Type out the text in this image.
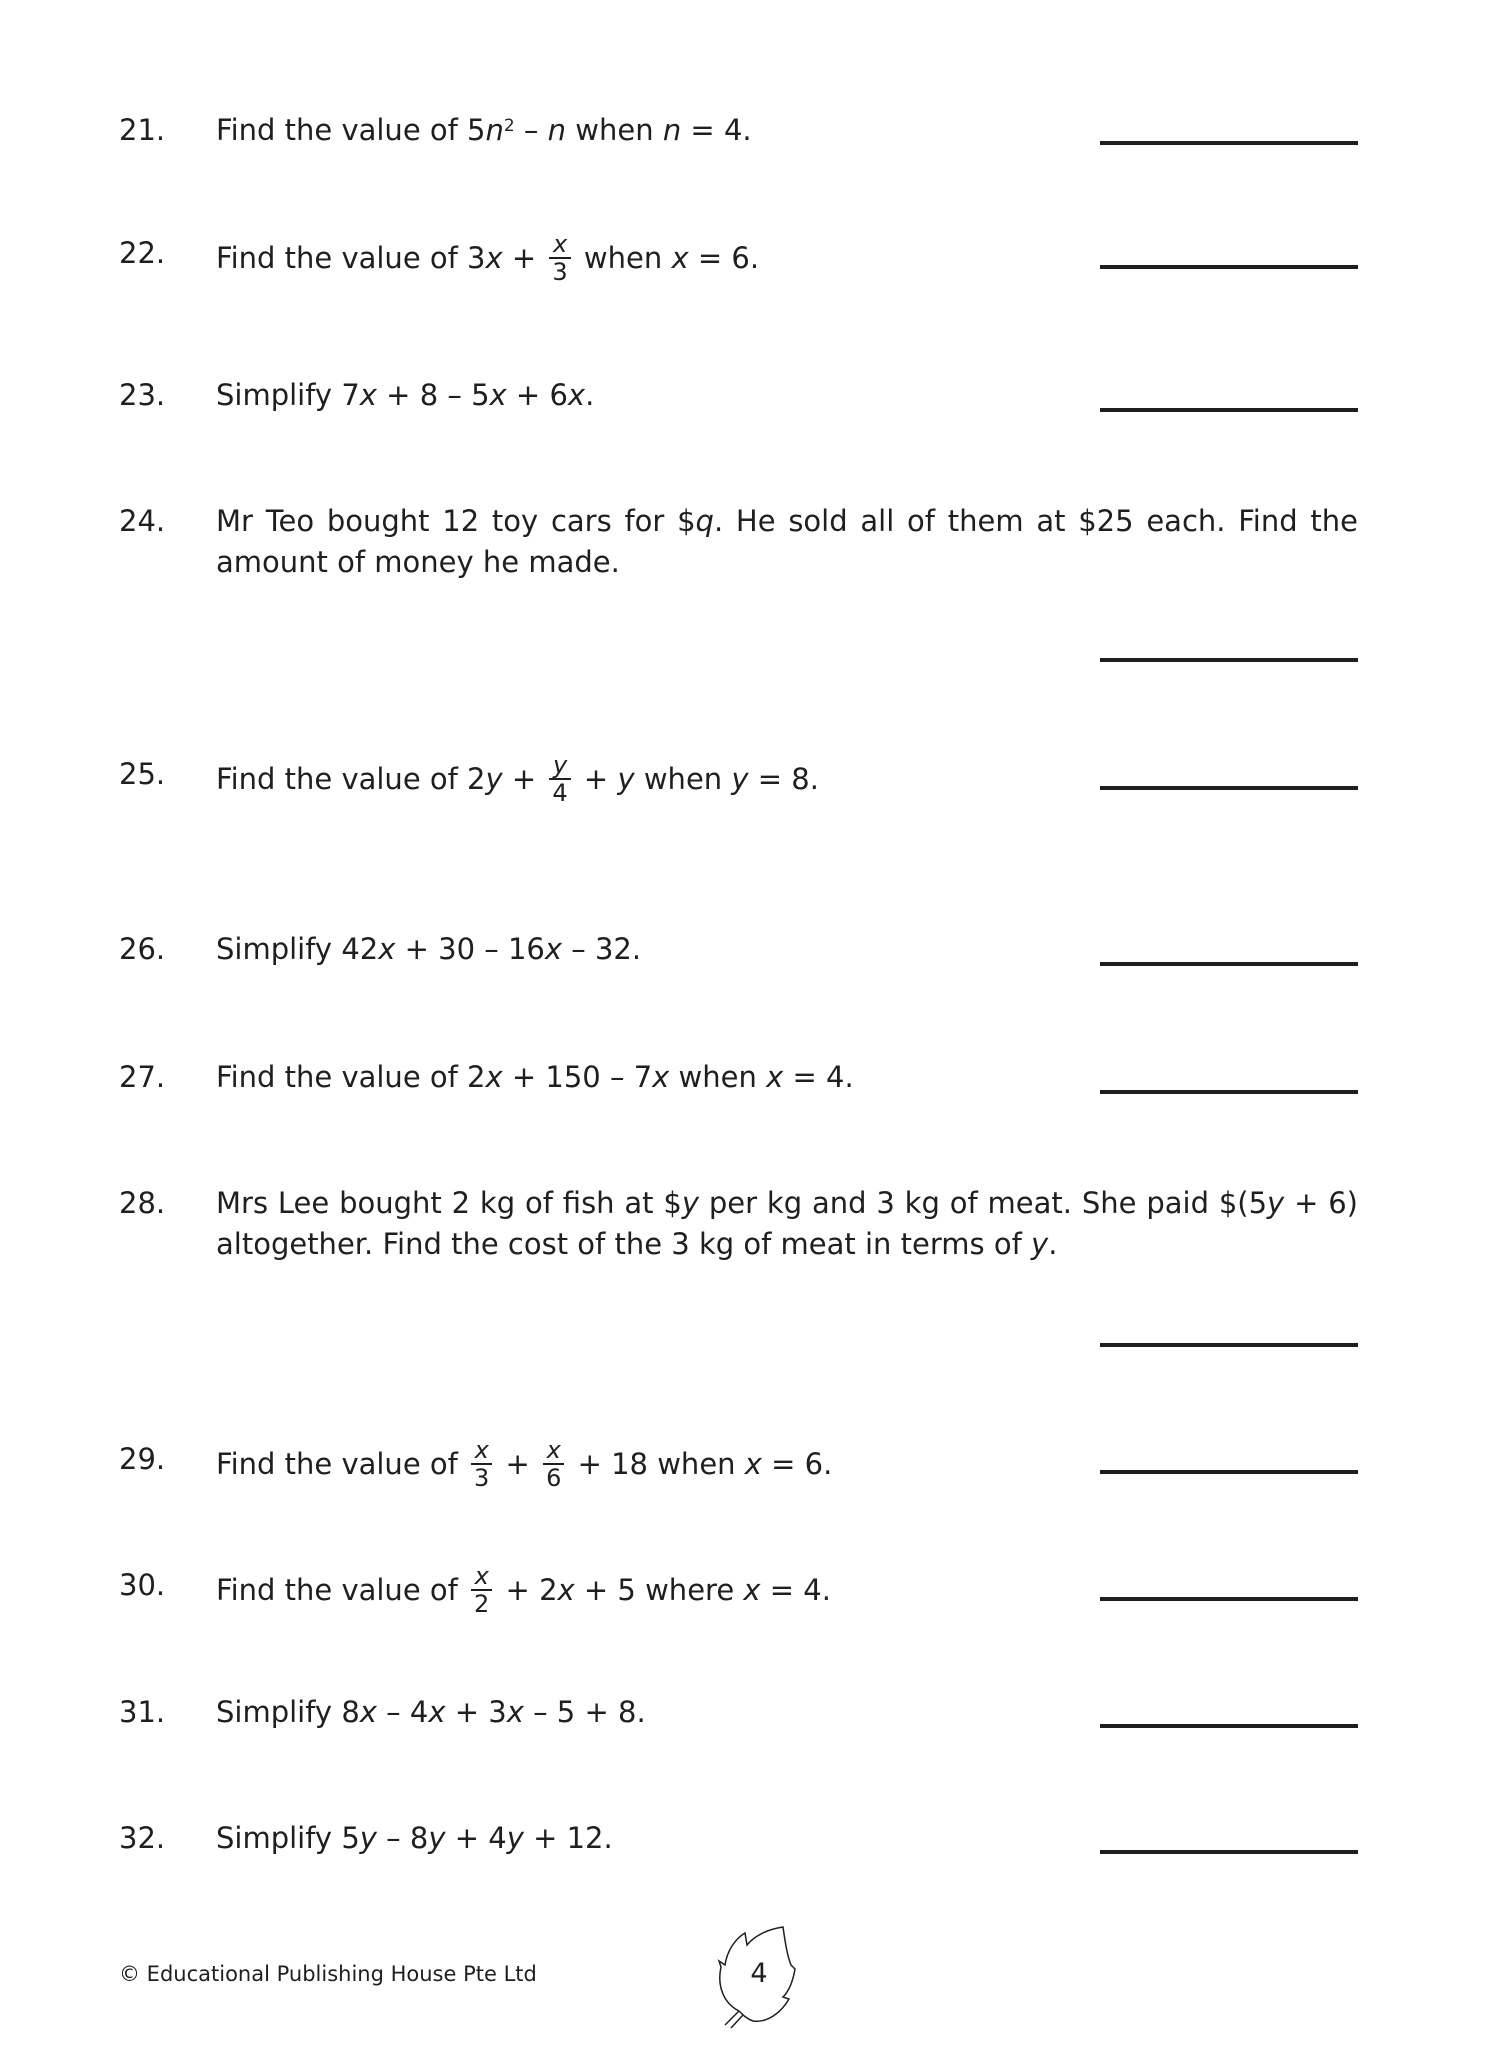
21. Find the value of $5n^2$ – n when n = 4.
22. Find the value of $3x + \frac{x}{3}$ when x = 6.
23. Simplify 7x + 8 – 5x + 6x.
24. Mr Teo bought 12 toy cars for $q. He sold all of them at $25 each. Find the amount of money he made.
25. Find the value of $2y + \frac{y}{4} + y$ when y = 8.
26. Simplify 42x + 30 – 16x – 32.
27. Find the value of 2x + 150 – 7x when x = 4.
28. Mrs Lee bought 2 kg of fish at $y per kg and 3 kg of meat. She paid $(5y + 6) altogether. Find the cost of the 3 kg of meat in terms of y.
29. Find the value of $\frac{x}{3} + \frac{x}{6} + 18$ when x = 6.
30. Find the value of $\frac{x}{2} + 2x + 5$ where x = 4.
31. Simplify 8x – 4x + 3x – 5 + 8.
32. Simplify 5y – 8y + 4y + 12.
© Educational Publishing House Pte Ltd	4
